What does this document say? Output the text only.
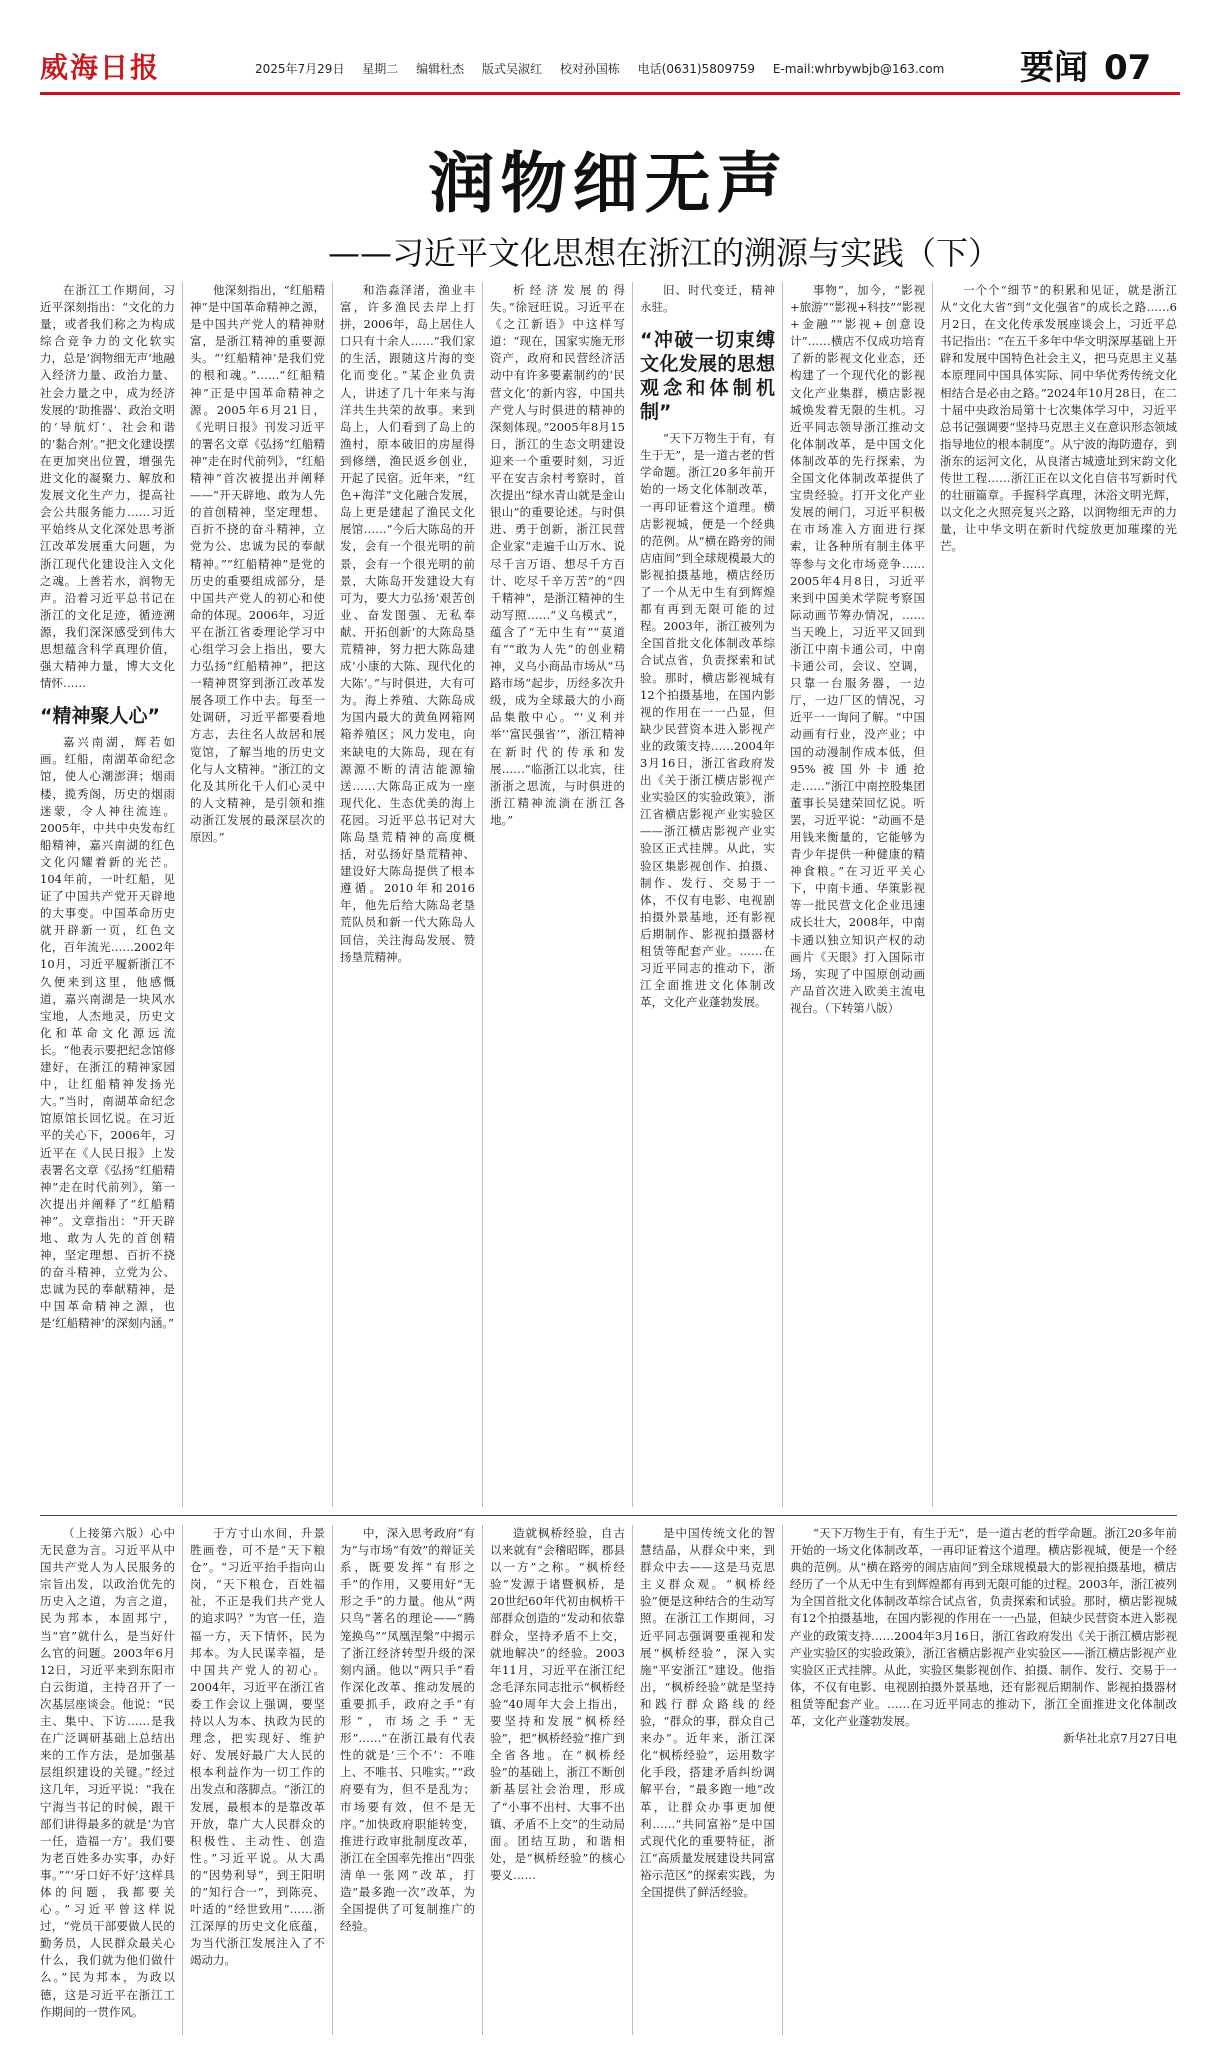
威海日报	2025年7月29日 星期二 编辑杜杰 版式吴淑红 校对孙国栋 电话(0631)5809759 E-mail:whrbywbjb@163.com	要闻 07
润物细无声
——习近平文化思想在浙江的溯源与实践（下）

在浙江工作期间，习近平深刻指出：“文化的力量，或者我们称之为构成综合竞争力的文化软实力，总是‘润物细无声’地融入经济力量、政治力量、社会力量之中，成为经济发展的‘助推器’、政治文明的‘导航灯’、社会和谐的‘黏合剂’。”把文化建设摆在更加突出位置，增强先进文化的凝聚力、解放和发展文化生产力，提高社会公共服务能力……习近平始终从文化深处思考浙江改革发展重大问题，为浙江现代化建设注入文化之魂。上善若水，润物无声。沿着习近平总书记在浙江的文化足迹，循迹溯源，我们深深感受到伟大思想蕴含科学真理价值，强大精神力量，博大文化情怀……

“精神聚人心”

嘉兴南湖，辉若如画。红船，南湖革命纪念馆，使人心潮澎湃；烟雨楼，揽秀阁，历史的烟雨迷蒙，令人神往流连。2005年，中共中央发布红船精神，嘉兴南湖的红色文化闪耀着新的光芒。104年前，一叶红船，见证了中国共产党开天辟地的大事变。中国革命历史就开辟新一页，红色文化，百年流光……2002年10月，习近平履新浙江不久便来到这里，他感慨道，嘉兴南湖是一块风水宝地，人杰地灵，历史文化和革命文化源远流长。“他表示要把纪念馆修建好，在浙江的精神家园中，让红船精神发扬光大。”当时，南湖革命纪念馆原馆长回忆说。在习近平的关心下，2006年，习近平在《人民日报》上发表署名文章《弘扬“红船精神”走在时代前列》，第一次提出并阐释了“红船精神”。文章指出：“开天辟地、敢为人先的首创精神，坚定理想、百折不挠的奋斗精神，立党为公、忠诚为民的奉献精神，是中国革命精神之源，也是‘红船精神’的深刻内涵。”

他深刻指出，“红船精神”是中国革命精神之源，是中国共产党人的精神财富，是浙江精神的重要源头。“‘红船精神’是我们党的根和魂。”……“红船精神”正是中国革命精神之源。2005年6月21日，《光明日报》刊发习近平的署名文章《弘扬“红船精神”走在时代前列》，“红船精神”首次被提出并阐释——“开天辟地、敢为人先的首创精神，坚定理想、百折不挠的奋斗精神，立党为公、忠诚为民的奉献精神。”“红船精神”是党的历史的重要组成部分，是中国共产党人的初心和使命的体现。2006年，习近平在浙江省委理论学习中心组学习会上指出，要大力弘扬“红船精神”，把这一精神贯穿到浙江改革发展各项工作中去。每至一处调研，习近平都要看地方志，去往名人故居和展览馆，了解当地的历史文化与人文精神。“浙江的文化及其所化千人们心灵中的人文精神，是引领和推动浙江发展的最深层次的原因。”

和浩淼泽渚，渔业丰富，许多渔民去岸上打拼，2006年，岛上居住人口只有十余人……“我们家的生活，跟随这片海的变化而变化。”某企业负责人，讲述了几十年来与海洋共生共荣的故事。来到岛上，人们看到了岛上的渔村，原本破旧的房屋得到修缮，渔民返乡创业，开起了民宿。近年来，“红色+海洋”文化融合发展，岛上更是建起了渔民文化展馆……“今后大陈岛的开发，会有一个很光明的前景，会有一个很光明的前景，大陈岛开发建设大有可为，要大力弘扬‘艰苦创业、奋发图强、无私奉献、开拓创新’的大陈岛垦荒精神，努力把大陈岛建成‘小康的大陈、现代化的大陈’。”与时俱进，大有可为。海上养殖、大陈岛成为国内最大的黄鱼网箱网箱养殖区；风力发电，向来缺电的大陈岛，现在有源源不断的清洁能源输送……大陈岛正成为一座现代化、生态优美的海上花园。习近平总书记对大陈岛垦荒精神的高度概括，对弘扬好垦荒精神、建设好大陈岛提供了根本遵循。2010年和2016年，他先后给大陈岛老垦荒队员和新一代大陈岛人回信，关注海岛发展、赞扬垦荒精神。

析经济发展的得失。”徐冠旺说。习近平在《之江新语》中这样写道：“现在，国家实施无形资产，政府和民营经济活动中有许多要素制约的‘民营文化’的新内容，中国共产党人与时俱进的精神的深刻体现。”2005年8月15日，浙江的生态文明建设迎来一个重要时刻，习近平在安吉余村考察时，首次提出“绿水青山就是金山银山”的重要论述。与时俱进、勇于创新，浙江民营企业家“走遍千山万水、说尽千言万语、想尽千方百计、吃尽千辛万苦”的“四千精神”，是浙江精神的生动写照……“义乌模式”，蕴含了“无中生有”“莫道有”“敢为人先”的创业精神，义乌小商品市场从“马路市场”起步，历经多次升级，成为全球最大的小商品集散中心。“‘义利并举’‘富民强省’”，浙江精神在新时代的传承和发展……“临浙江以北宾，往浙浙之思流，与时俱进的浙江精神流淌在浙江各地。”

旧、时代变迁，精神永驻。

“冲破一切束缚文化发展的思想观念和体制机制”

“天下万物生于有，有生于无”，是一道古老的哲学命题。浙江20多年前开始的一场文化体制改革，一再印证着这个道理。横店影视城，便是一个经典的范例。从“横在路旁的闹店庙间”到全球规模最大的影视拍摄基地，横店经历了一个从无中生有到辉煌都有再到无限可能的过程。2003年，浙江被列为全国首批文化体制改革综合试点省，负责探索和试验。那时，横店影视城有12个拍摄基地，在国内影视的作用在一一凸显，但缺少民营资本进入影视产业的政策支持……2004年3月16日，浙江省政府发出《关于浙江横店影视产业实验区的实验政策》，浙江省横店影视产业实验区——浙江横店影视产业实验区正式挂牌。从此，实验区集影视创作、拍摄、制作、发行、交易于一体，不仅有电影、电视剧拍摄外景基地，还有影视后期制作、影视拍摄器材租赁等配套产业。……在习近平同志的推动下，浙江全面推进文化体制改革，文化产业蓬勃发展。

事物”，加今，“影视+旅游”“影视+科技”“影视+金融”“影视+创意设计”……横店不仅成功培育了新的影视文化业态，还构建了一个现代化的影视文化产业集群，横店影视城焕发着无限的生机。习近平同志领导浙江推动文化体制改革，是中国文化体制改革的先行探索，为全国文化体制改革提供了宝贵经验。打开文化产业发展的闸门，习近平积极在市场准入方面进行探索，让各种所有制主体平等参与文化市场竞争……2005年4月8日，习近平来到中国美术学院考察国际动画节筹办情况，……当天晚上，习近平又回到浙江中南卡通公司，中南卡通公司，会议、空调，只靠一台服务器，一边厅，一边厂区的情况，习近平一一询问了解。“中国动画有行业，没产业；中国的动漫制作成本低，但95%被国外卡通抢走……”浙江中南控股集团董事长吴建荣回忆说。听罢，习近平说：“动画不是用钱来衡量的，它能够为青少年提供一种健康的精神食粮。”在习近平关心下，中南卡通、华策影视等一批民营文化企业迅速成长壮大，2008年，中南卡通以独立知识产权的动画片《天眼》打入国际市场，实现了中国原创动画产品首次进入欧美主流电视台。（下转第八版）

一个个“细节”的积累和见证，就是浙江从“文化大省”到“文化强省”的成长之路……6月2日，在文化传承发展座谈会上，习近平总书记指出：“在五千多年中华文明深厚基础上开辟和发展中国特色社会主义，把马克思主义基本原理同中国具体实际、同中华优秀传统文化相结合是必由之路。”2024年10月28日，在二十届中央政治局第十七次集体学习中，习近平总书记强调要“坚持马克思主义在意识形态领域指导地位的根本制度”。从宁波的海防遗存，到浙东的运河文化，从良渚古城遗址到宋韵文化传世工程……浙江正在以文化自信书写新时代的壮丽篇章。手握科学真理，沐浴文明光辉，以文化之火照亮复兴之路，以润物细无声的力量，让中华文明在新时代绽放更加璀璨的光芒。

（上接第六版）心中无民意为言。习近平从中国共产党人为人民服务的宗旨出发，以政治优先的历史入之道，为言之道，民为邦本，本固邦宁，当“官”就什么，是当好什么官的问题。2003年6月12日，习近平来到东阳市白云街道，主持召开了一次基层座谈会。他说：“民主、集中、下访……是我在广泛调研基础上总结出来的工作方法，是加强基层组织建设的关键。”经过这几年，习近平说：“我在宁海当书记的时候，跟干部们讲得最多的就是‘为官一任，造福一方’。我们要为老百姓多办实事，办好事。”“‘牙口好不好’这样具体的问题，我都要关心。”习近平曾这样说过，“党员干部要做人民的勤务员，人民群众最关心什么，我们就为他们做什么。”民为邦本，为政以德，这是习近平在浙江工作期间的一贯作风。

于方寸山水间，升景胜画卷，可不是“天下粮仓”。“习近平抬手指向山岗，“天下粮仓，百姓福祉，不正是我们共产党人的追求吗？”为官一任，造福一方，天下情怀，民为邦本。为人民谋幸福，是中国共产党人的初心。2004年，习近平在浙江省委工作会议上强调，要坚持以人为本、执政为民的理念，把实现好、维护好、发展好最广大人民的根本利益作为一切工作的出发点和落脚点。“浙江的发展，最根本的是靠改革开放，靠广大人民群众的积极性、主动性、创造性。”习近平说。从大禹的“因势利导”，到王阳明的“知行合一”，到陈亮、叶适的“经世致用”……浙江深厚的历史文化底蕴，为当代浙江发展注入了不竭动力。

中，深入思考政府“有为”与市场“有效”的辩证关系，既要发挥“有形之手”的作用，又要用好“无形之手”的力量。他从“两只鸟”著名的理论——“腾笼换鸟”“凤凰涅槃”中揭示了浙江经济转型升级的深刻内涵。他以“两只手”看作深化改革、推动发展的重要抓手，政府之手“有形”，市场之手“无形”……“在浙江最有代表性的就是‘三个不’：不唯上、不唯书、只唯实。”“政府要有为，但不是乱为；市场要有效，但不是无序。”加快政府职能转变，推进行政审批制度改革，浙江在全国率先推出“四张清单一张网”改革，打造“最多跑一次”改革，为全国提供了可复制推广的经验。

造就枫桥经验，自古以来就有“会稽昭晖，郡县以一方”之称。“枫桥经验”发源于诸暨枫桥，是20世纪60年代初由枫桥干部群众创造的“发动和依靠群众，坚持矛盾不上交，就地解决”的经验。2003年11月，习近平在浙江纪念毛泽东同志批示“枫桥经验”40周年大会上指出，要坚持和发展“枫桥经验”，把“枫桥经验”推广到全省各地。在“枫桥经验”的基础上，浙江不断创新基层社会治理，形成了“小事不出村、大事不出镇、矛盾不上交”的生动局面。团结互助，和谐相处，是“枫桥经验”的核心要义……

是中国传统文化的智慧结晶，从群众中来，到群众中去——这是马克思主义群众观。“枫桥经验”便是这种结合的生动写照。在浙江工作期间，习近平同志强调要重视和发展“枫桥经验”，深入实施“平安浙江”建设。他指出，“枫桥经验”就是坚持和践行群众路线的经验，“群众的事，群众自己来办”。近年来，浙江深化“枫桥经验”，运用数字化手段，搭建矛盾纠纷调解平台，“最多跑一地”改革，让群众办事更加便利……“共同富裕”是中国式现代化的重要特征，浙江“高质量发展建设共同富裕示范区”的探索实践，为全国提供了鲜活经验。

“天下万物生于有，有生于无”，是一道古老的哲学命题。浙江20多年前开始的一场文化体制改革，一再印证着这个道理。横店影视城，便是一个经典的范例。从“横在路旁的闹店庙间”到全球规模最大的影视拍摄基地，横店经历了一个从无中生有到辉煌都有再到无限可能的过程。2003年，浙江被列为全国首批文化体制改革综合试点省，负责探索和试验。那时，横店影视城有12个拍摄基地，在国内影视的作用在一一凸显，但缺少民营资本进入影视产业的政策支持……2004年3月16日，浙江省政府发出《关于浙江横店影视产业实验区的实验政策》，浙江省横店影视产业实验区——浙江横店影视产业实验区正式挂牌。从此，实验区集影视创作、拍摄、制作、发行、交易于一体，不仅有电影、电视剧拍摄外景基地，还有影视后期制作、影视拍摄器材租赁等配套产业。……在习近平同志的推动下，浙江全面推进文化体制改革，文化产业蓬勃发展。

新华社北京7月27日电
